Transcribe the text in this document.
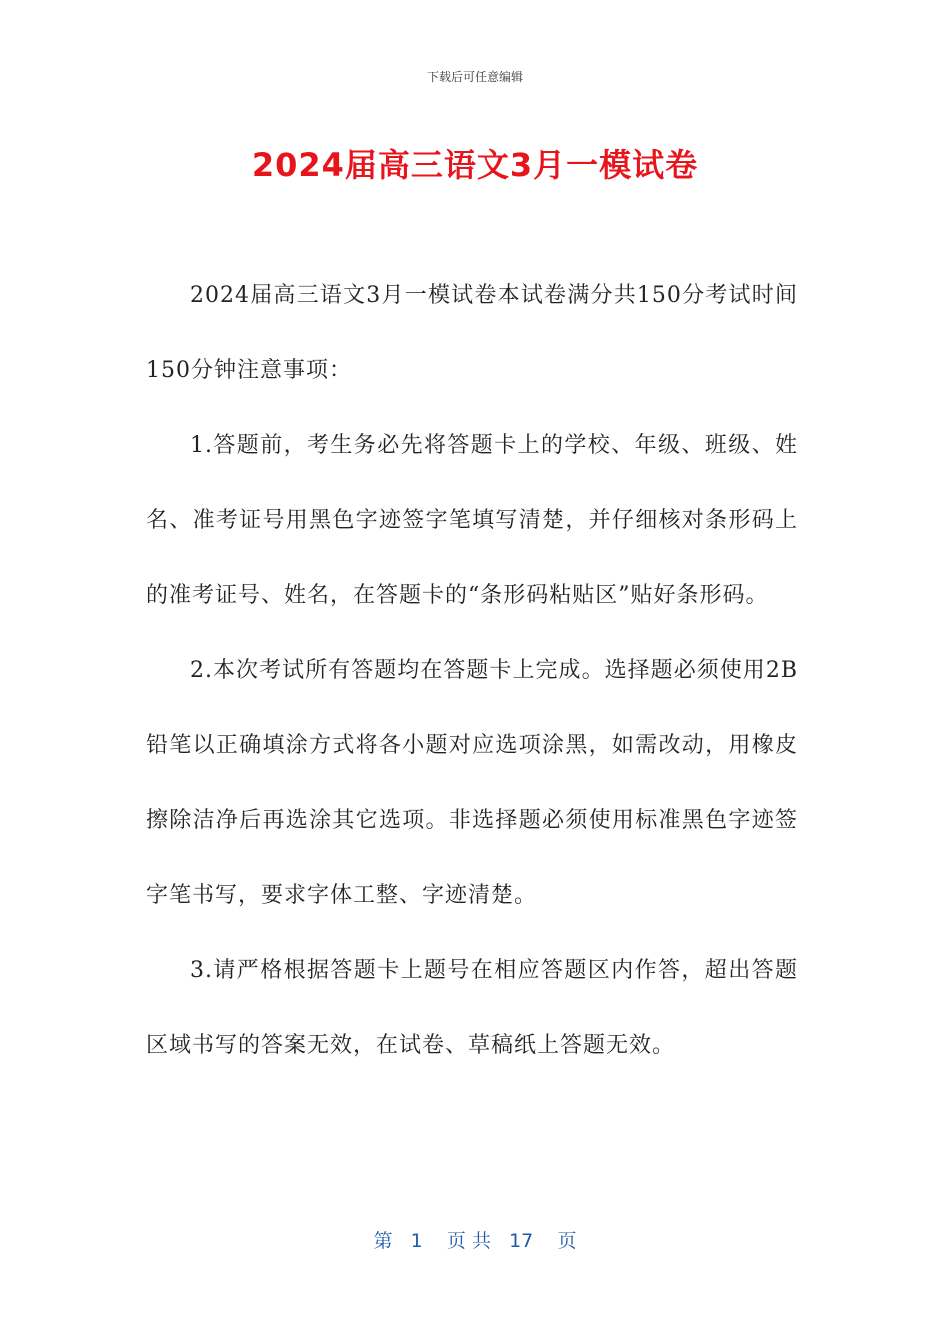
下载后可任意编辑
2024届高三语文3月一模试卷

2024届高三语文3月一模试卷本试卷满分共150分考试时间150分钟注意事项：

1.答题前，考生务必先将答题卡上的学校、年级、班级、姓名、准考证号用黑色字迹签字笔填写清楚，并仔细核对条形码上的准考证号、姓名，在答题卡的“条形码粘贴区”贴好条形码。

2.本次考试所有答题均在答题卡上完成。选择题必须使用2B铅笔以正确填涂方式将各小题对应选项涂黑，如需改动，用橡皮擦除洁净后再选涂其它选项。非选择题必须使用标准黑色字迹签字笔书写，要求字体工整、字迹清楚。

3.请严格根据答题卡上题号在相应答题区内作答，超出答题区域书写的答案无效，在试卷、草稿纸上答题无效。

第 1 页 共 17 页
